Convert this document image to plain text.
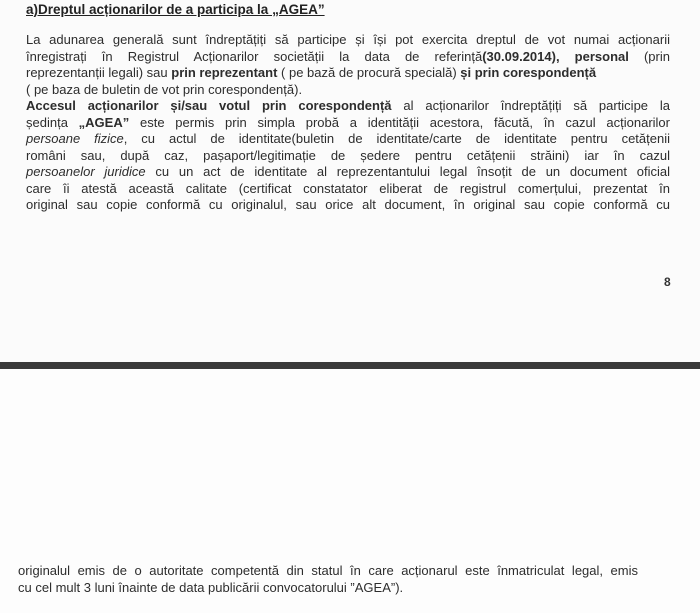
a)Dreptul acționarilor de a participa la „AGEA”
La adunarea generală sunt îndreptățiți să participe și își pot exercita dreptul de vot numai acționarii
înregistrați în Registrul Acționarilor societății la data de referință(30.09.2014), personal (prin
reprezentanții legali) sau prin reprezentant ( pe bază de procură specială) și prin corespondență
( pe baza de buletin de vot prin corespondență).
Accesul acționarilor și/sau votul prin corespondență al acționarilor îndreptățiți să participe la
ședința „AGEA” este permis prin simpla probă a identității acestora, făcută, în cazul acționarilor
persoane fizice, cu actul de identitate(buletin de identitate/carte de identitate pentru cetățenii
români sau, după caz, pașaport/legitimație de ședere pentru cetățenii străini) iar în cazul
persoanelor juridice cu un act de identitate al reprezentantului legal însoțit de un document oficial
care îi atestă această calitate (certificat constatator eliberat de registrul comerțului, prezentat în
original sau copie conformă cu originalul, sau orice alt document, în original sau copie conformă cu
8
originalul emis de o autoritate competentă din statul în care acționarul este înmatriculat legal, emis
cu cel mult 3 luni înainte de data publicării convocatorului ”AGEA”).
